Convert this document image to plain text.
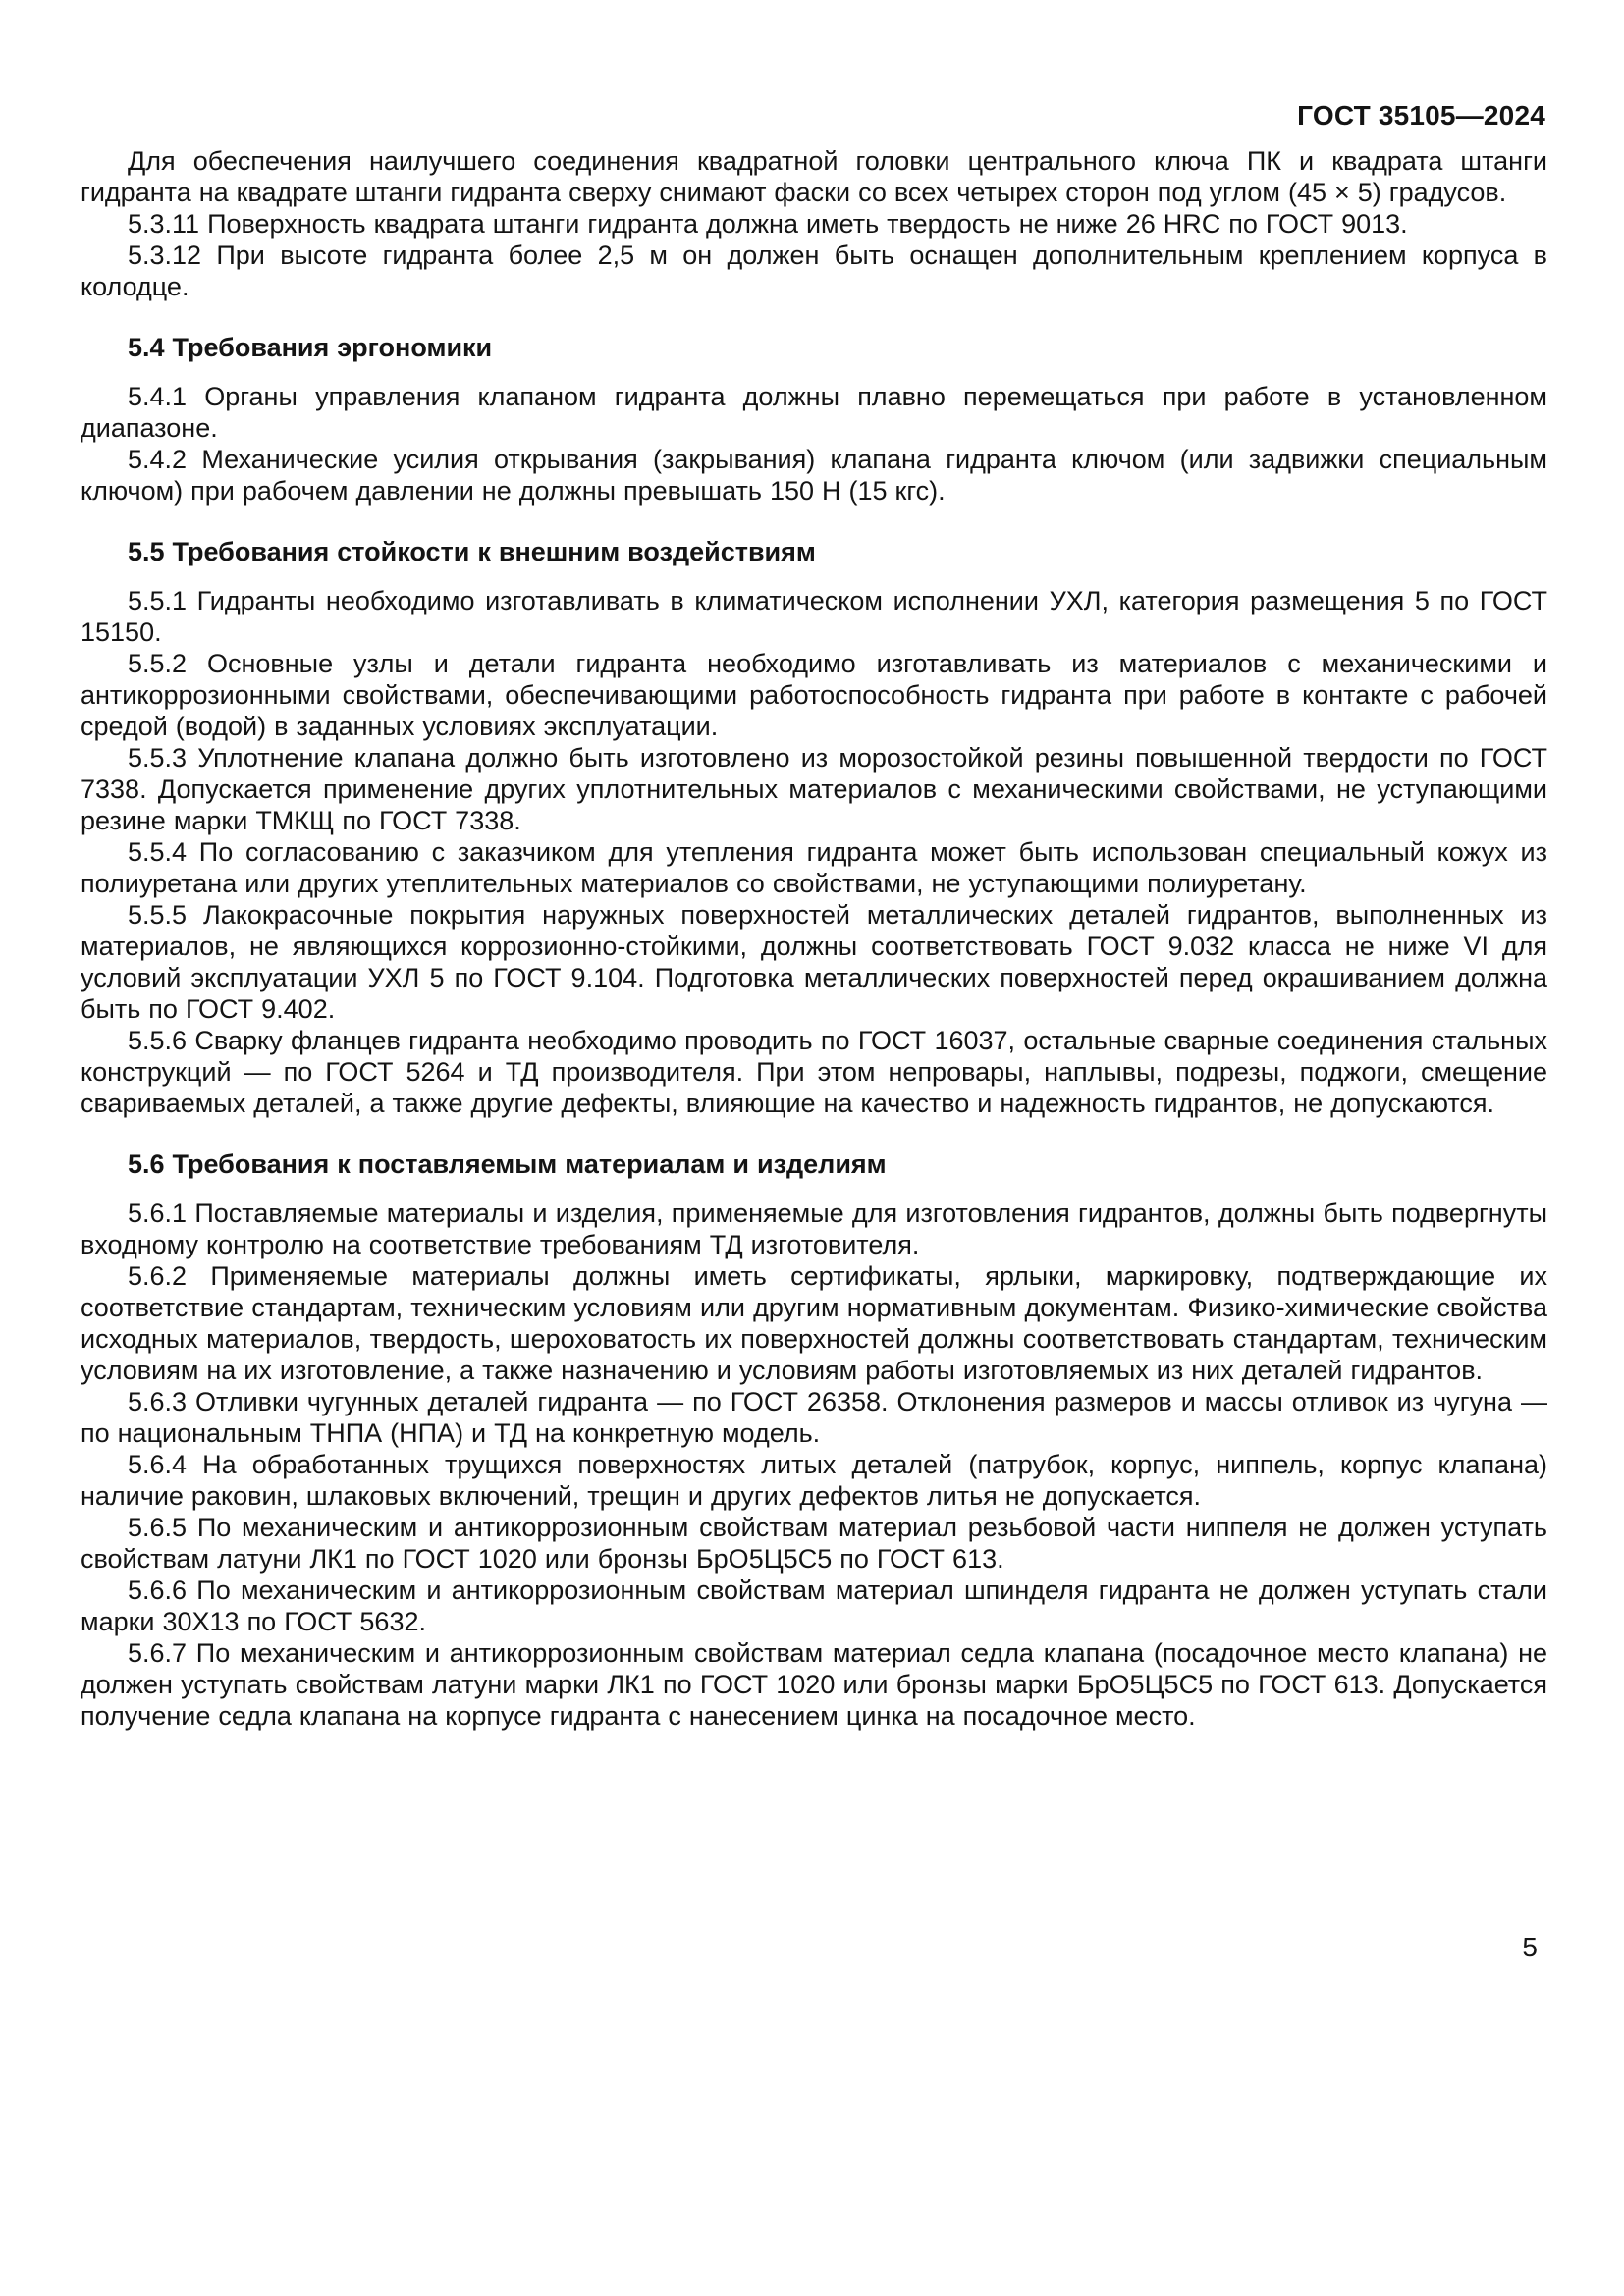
ГОСТ 35105—2024

Для обеспечения наилучшего соединения квадратной головки центрального ключа ПК и квадрата штанги гидранта на квадрате штанги гидранта сверху снимают фаски со всех четырех сторон под углом (45 × 5) градусов.

5.3.11 Поверхность квадрата штанги гидранта должна иметь твердость не ниже 26 HRC по ГОСТ 9013.

5.3.12 При высоте гидранта более 2,5 м он должен быть оснащен дополнительным креплением корпуса в колодце.

5.4 Требования эргономики

5.4.1 Органы управления клапаном гидранта должны плавно перемещаться при работе в установленном диапазоне.

5.4.2 Механические усилия открывания (закрывания) клапана гидранта ключом (или задвижки специальным ключом) при рабочем давлении не должны превышать 150 Н (15 кгс).

5.5 Требования стойкости к внешним воздействиям

5.5.1 Гидранты необходимо изготавливать в климатическом исполнении УХЛ, категория размещения 5 по ГОСТ 15150.

5.5.2 Основные узлы и детали гидранта необходимо изготавливать из материалов с механическими и антикоррозионными свойствами, обеспечивающими работоспособность гидранта при работе в контакте с рабочей средой (водой) в заданных условиях эксплуатации.

5.5.3 Уплотнение клапана должно быть изготовлено из морозостойкой резины повышенной твердости по ГОСТ 7338. Допускается применение других уплотнительных материалов с механическими свойствами, не уступающими резине марки ТМКЩ по ГОСТ 7338.

5.5.4 По согласованию с заказчиком для утепления гидранта может быть использован специальный кожух из полиуретана или других утеплительных материалов со свойствами, не уступающими полиуретану.

5.5.5 Лакокрасочные покрытия наружных поверхностей металлических деталей гидрантов, выполненных из материалов, не являющихся коррозионно-стойкими, должны соответствовать ГОСТ 9.032 класса не ниже VI для условий эксплуатации УХЛ 5 по ГОСТ 9.104. Подготовка металлических поверхностей перед окрашиванием должна быть по ГОСТ 9.402.

5.5.6 Сварку фланцев гидранта необходимо проводить по ГОСТ 16037, остальные сварные соединения стальных конструкций — по ГОСТ 5264 и ТД производителя. При этом непровары, наплывы, подрезы, поджоги, смещение свариваемых деталей, а также другие дефекты, влияющие на качество и надежность гидрантов, не допускаются.

5.6 Требования к поставляемым материалам и изделиям

5.6.1 Поставляемые материалы и изделия, применяемые для изготовления гидрантов, должны быть подвергнуты входному контролю на соответствие требованиям ТД изготовителя.

5.6.2 Применяемые материалы должны иметь сертификаты, ярлыки, маркировку, подтверждающие их соответствие стандартам, техническим условиям или другим нормативным документам. Физико-химические свойства исходных материалов, твердость, шероховатость их поверхностей должны соответствовать стандартам, техническим условиям на их изготовление, а также назначению и условиям работы изготовляемых из них деталей гидрантов.

5.6.3 Отливки чугунных деталей гидранта — по ГОСТ 26358. Отклонения размеров и массы отливок из чугуна — по национальным ТНПА (НПА) и ТД на конкретную модель.

5.6.4 На обработанных трущихся поверхностях литых деталей (патрубок, корпус, ниппель, корпус клапана) наличие раковин, шлаковых включений, трещин и других дефектов литья не допускается.

5.6.5 По механическим и антикоррозионным свойствам материал резьбовой части ниппеля не должен уступать свойствам латуни ЛК1 по ГОСТ 1020 или бронзы БрО5Ц5С5 по ГОСТ 613.

5.6.6 По механическим и антикоррозионным свойствам материал шпинделя гидранта не должен уступать стали марки 30Х13 по ГОСТ 5632.

5.6.7 По механическим и антикоррозионным свойствам материал седла клапана (посадочное место клапана) не должен уступать свойствам латуни марки ЛК1 по ГОСТ 1020 или бронзы марки БрО5Ц5С5 по ГОСТ 613. Допускается получение седла клапана на корпусе гидранта с нанесением цинка на посадочное место.

5
